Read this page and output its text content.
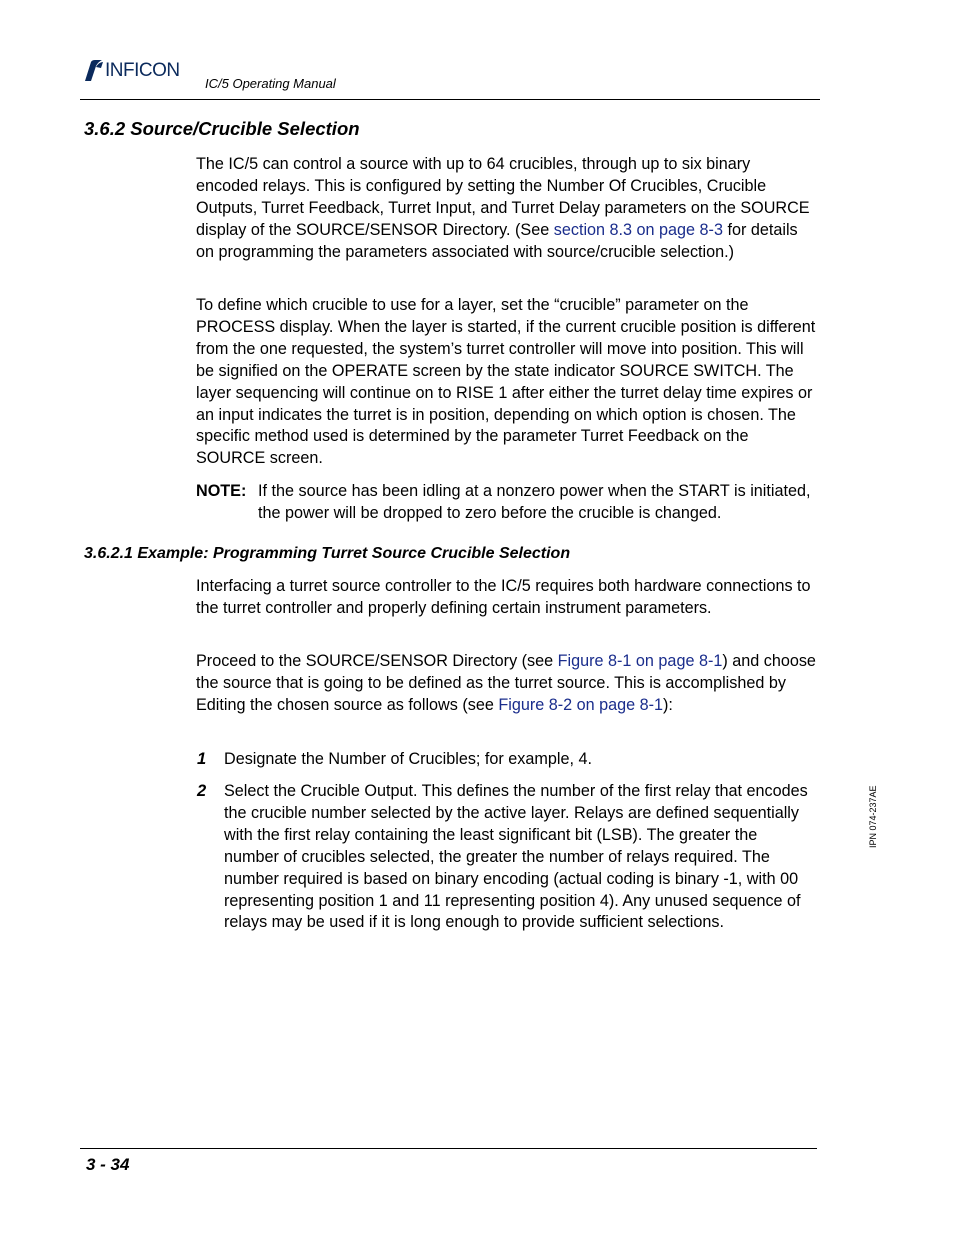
INFICON
IC/5 Operating Manual
3.6.2 Source/Crucible Selection

The IC/5 can control a source with up to 64 crucibles, through up to six binary encoded relays. This is configured by setting the Number Of Crucibles, Crucible Outputs, Turret Feedback, Turret Input, and Turret Delay parameters on the SOURCE display of the SOURCE/SENSOR Directory. (See section 8.3 on page 8-3 for details on programming the parameters associated with source/crucible selection.)

To define which crucible to use for a layer, set the “crucible” parameter on the PROCESS display. When the layer is started, if the current crucible position is different from the one requested, the system’s turret controller will move into position. This will be signified on the OPERATE screen by the state indicator SOURCE SWITCH. The layer sequencing will continue on to RISE 1 after either the turret delay time expires or an input indicates the turret is in position, depending on which option is chosen. The specific method used is determined by the parameter Turret Feedback on the SOURCE screen.

NOTE: If the source has been idling at a nonzero power when the START is initiated, the power will be dropped to zero before the crucible is changed.
3.6.2.1 Example: Programming Turret Source Crucible Selection

Interfacing a turret source controller to the IC/5 requires both hardware connections to the turret controller and properly defining certain instrument parameters.

Proceed to the SOURCE/SENSOR Directory (see Figure 8-1 on page 8-1) and choose the source that is going to be defined as the turret source. This is accomplished by Editing the chosen source as follows (see Figure 8-2 on page 8-1):

1 Designate the Number of Crucibles; for example, 4.
2 Select the Crucible Output. This defines the number of the first relay that encodes the crucible number selected by the active layer. Relays are defined sequentially with the first relay containing the least significant bit (LSB). The greater the number of crucibles selected, the greater the number of relays required. The number required is based on binary encoding (actual coding is binary -1, with 00 representing position 1 and 11 representing position 4). Any unused sequence of relays may be used if it is long enough to provide sufficient selections.
IPN 074-237AE
3 - 34
